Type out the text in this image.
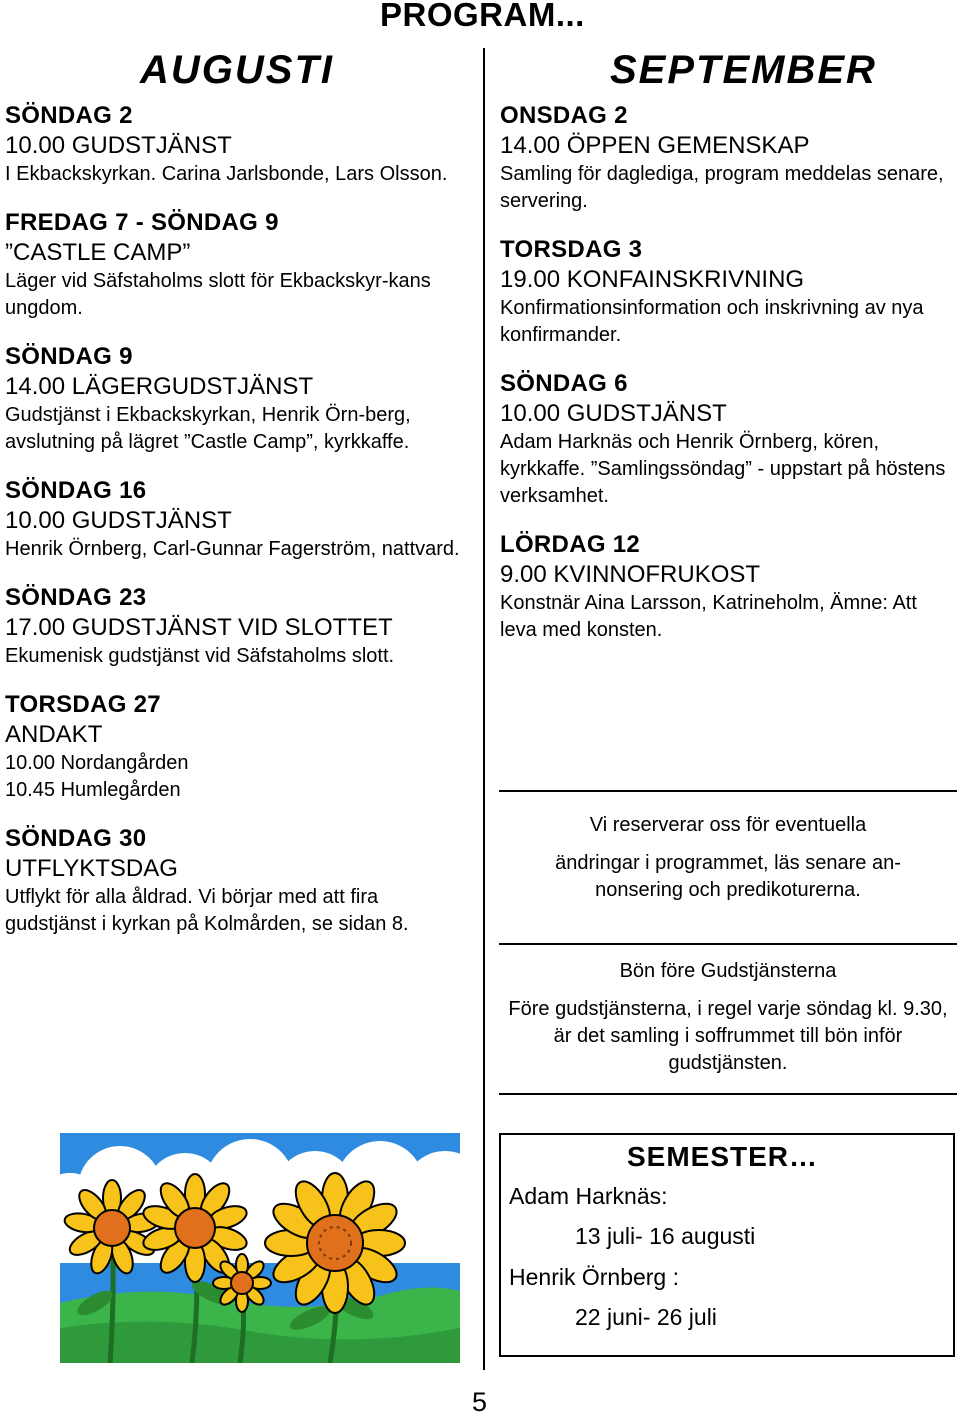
PROGRAM...
AUGUSTI	SEPTEMBER
SÖNDAG 2
10.00 GUDSTJÄNST
I Ekbackskyrkan. Carina Jarlsbonde, Lars Olsson.
FREDAG 7 - SÖNDAG 9
”CASTLE CAMP”
Läger vid Säfstaholms slott för Ekbackskyr-kans ungdom.
SÖNDAG 9
14.00 LÄGERGUDSTJÄNST
Gudstjänst i Ekbackskyrkan, Henrik Örn-berg, avslutning på lägret ”Castle Camp”, kyrkkaffe.
SÖNDAG 16
10.00 GUDSTJÄNST
Henrik Örnberg, Carl-Gunnar Fagerström, nattvard.
SÖNDAG 23
17.00 GUDSTJÄNST VID SLOTTET
Ekumenisk gudstjänst vid Säfstaholms slott.
TORSDAG 27
ANDAKT
10.00 Nordangården
10.45 Humlegården
SÖNDAG 30
UTFLYKTSDAG
Utflykt för alla åldrad. Vi börjar med att fira gudstjänst i kyrkan på Kolmården, se sidan 8.
ONSDAG 2
14.00 ÖPPEN GEMENSKAP
Samling för daglediga, program meddelas senare, servering.
TORSDAG 3
19.00 KONFAINSKRIVNING
Konfirmationsinformation och inskrivning av nya konfirmander.
SÖNDAG 6
10.00 GUDSTJÄNST
Adam Harknäs och Henrik Örnberg, kören, kyrkkaffe. ”Samlingssöndag” - uppstart på höstens verksamhet.
LÖRDAG 12
9.00 KVINNOFRUKOST
Konstnär Aina Larsson, Katrineholm, Ämne: Att leva med konsten.
Vi reserverar oss för eventuella
ändringar i programmet, läs senare an-nonsering och predikoturerna.
Bön före Gudstjänsterna
Före gudstjänsterna, i regel varje söndag kl. 9.30, är det samling i soffrummet till bön inför gudstjänsten.
SEMESTER…
Adam Harknäs:
13 juli- 16 augusti
Henrik Örnberg :
22 juni- 26 juli
5
